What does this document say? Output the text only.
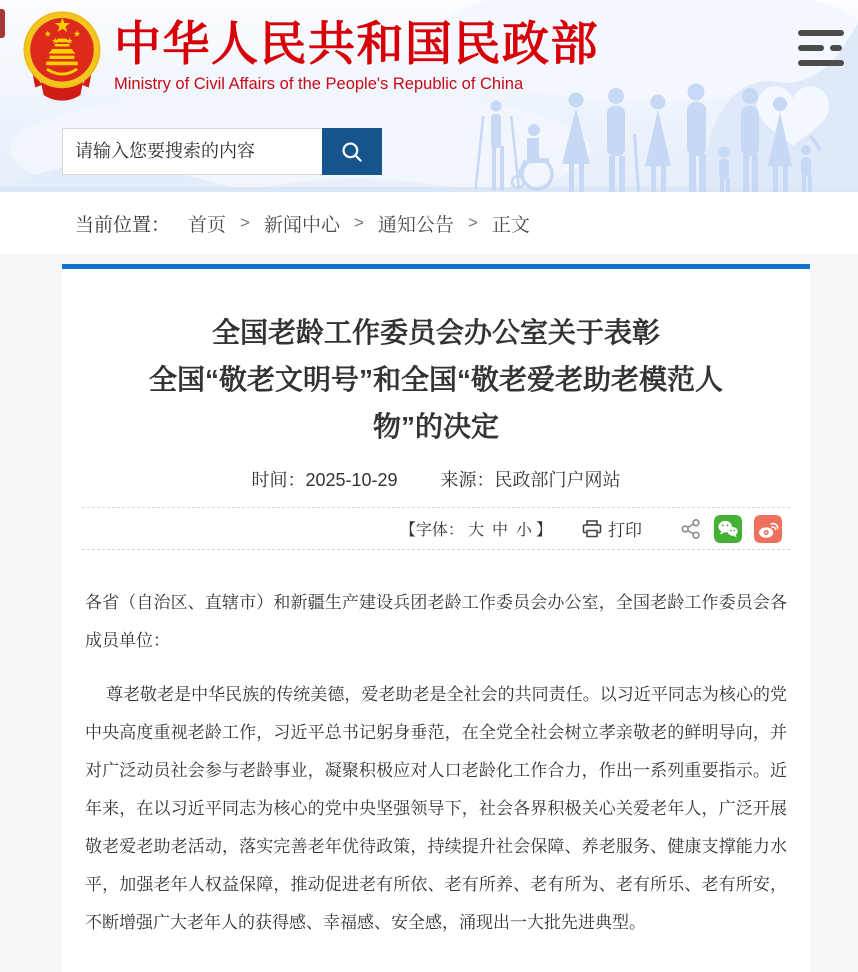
中华人民共和国民政部
Ministry of Civil Affairs of the People's Republic of China
请输入您要搜索的内容
当前位置： 首页 > 新闻中心 > 通知公告 > 正文
全国老龄工作委员会办公室关于表彰
全国“敬老文明号”和全国“敬老爱老助老模范人
物”的决定
时间：2025-10-29 来源：民政部门户网站
【 字体： 大 中 小 】	打印

各省（自治区、直辖市）和新疆生产建设兵团老龄工作委员会办公室，全国老龄工作委员会各成员单位：

尊老敬老是中华民族的传统美德，爱老助老是全社会的共同责任。以习近平同志为核心的党中央高度重视老龄工作，习近平总书记躬身垂范，在全党全社会树立孝亲敬老的鲜明导向，并对广泛动员社会参与老龄事业，凝聚积极应对人口老龄化工作合力，作出一系列重要指示。近年来，在以习近平同志为核心的党中央坚强领导下，社会各界积极关心关爱老年人，广泛开展敬老爱老助老活动，落实完善老年优待政策，持续提升社会保障、养老服务、健康支撑能力水平，加强老年人权益保障，推动促进老有所依、老有所养、老有所为、老有所乐、老有所安，不断增强广大老年人的获得感、幸福感、安全感，涌现出一大批先进典型。
